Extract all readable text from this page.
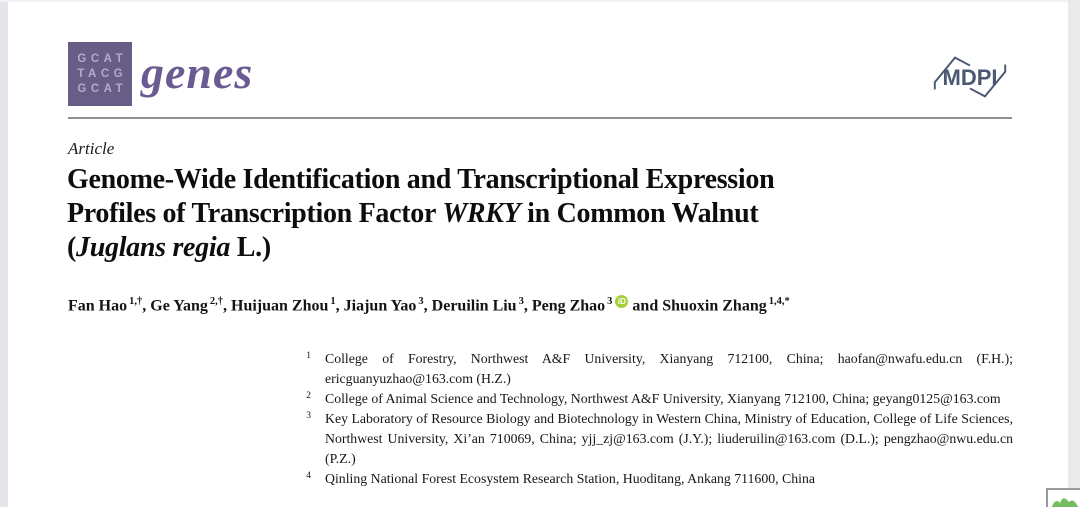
GCAT
TACG
GCAT genes	MDPI
Article
Genome-Wide Identification and Transcriptional Expression
Profiles of Transcription Factor WRKY in Common Walnut
(Juglans regia L.)
Fan Hao $^{1,\dagger}$, Ge Yang $^{2,\dagger}$, Huijuan Zhou $^1$, Jiajun Yao $^3$, Deruilin Liu $^3$, Peng Zhao $^3$ iD and Shuoxin Zhang $^{1,4,*}$
1 College of Forestry, Northwest A&F University, Xianyang 712100, China; haofan@nwafu.edu.cn (F.H.); ericguanyuzhao@163.com (H.Z.)
2 College of Animal Science and Technology, Northwest A&F University, Xianyang 712100, China; geyang0125@163.com
3 Key Laboratory of Resource Biology and Biotechnology in Western China, Ministry of Education, College of Life Sciences, Northwest University, Xi’an 710069, China; yjj_zj@163.com (J.Y.); liuderuilin@163.com (D.L.); pengzhao@nwu.edu.cn (P.Z.)
4 Qinling National Forest Ecosystem Research Station, Huoditang, Ankang 711600, China
